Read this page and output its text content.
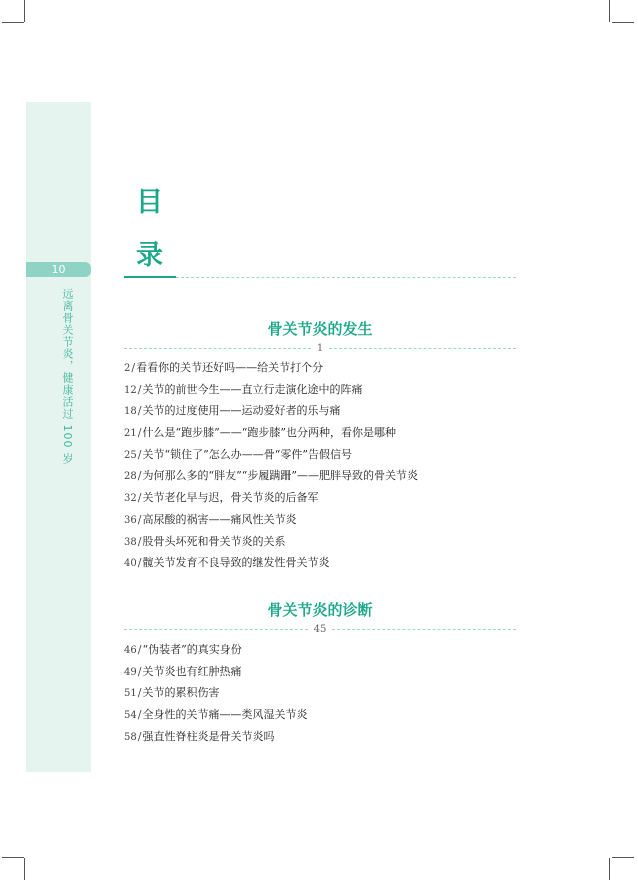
10
远离骨关节炎，健康活过 100 岁
目
录
骨关节炎的发生
1
2/看看你的关节还好吗——给关节打个分
12/关节的前世今生——直立行走演化途中的阵痛
18/关节的过度使用——运动爱好者的乐与痛
21/什么是“跑步膝”——“跑步膝”也分两种，看你是哪种
25/关节“锁住了”怎么办——骨“零件”告假信号
28/为何那么多的“胖友”“步履蹒跚”——肥胖导致的骨关节炎
32/关节老化早与迟，骨关节炎的后备军
36/高尿酸的祸害——痛风性关节炎
38/股骨头坏死和骨关节炎的关系
40/髋关节发育不良导致的继发性骨关节炎
骨关节炎的诊断
45
46/“伪装者”的真实身份
49/关节炎也有红肿热痛
51/关节的累积伤害
54/全身性的关节痛——类风湿关节炎
58/强直性脊柱炎是骨关节炎吗
